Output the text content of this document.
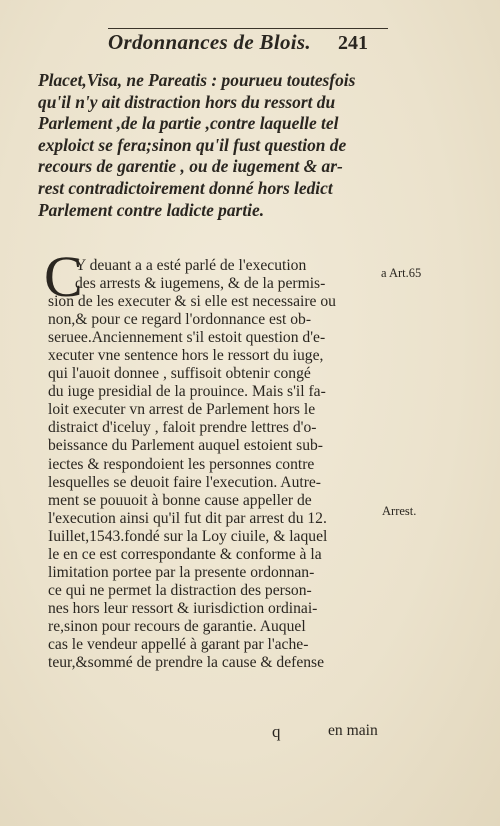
Ordonnances de Blois. 241
Placet,Visa, ne Pareatis : pourueu toutesfois
qu'il n'y ait distraction hors du ressort du
Parlement ,de la partie ,contre laquelle tel
exploict se fera;sinon qu'il fust question de
recours de garentie , ou de iugement & ar-
rest contradictoirement donné hors ledict
Parlement contre ladicte partie.
C
Y deuant a a esté parlé de l'execution
des arrests & iugemens, & de la permis-
sion de les executer & si elle est necessaire ou
non,& pour ce regard l'ordonnance est ob-
seruee.Anciennement s'il estoit question d'e-
xecuter vne sentence hors le ressort du iuge,
qui l'auoit donnee , suffisoit obtenir congé
du iuge presidial de la prouince. Mais s'il fa-
loit executer vn arrest de Parlement hors le
distraict d'iceluy , faloit prendre lettres d'o-
beissance du Parlement auquel estoient sub-
iectes & respondoient les personnes contre
lesquelles se deuoit faire l'execution. Autre-
ment se pouuoit à bonne cause appeller de
l'execution ainsi qu'il fut dit par arrest du 12.
Iuillet,1543.fondé sur la Loy ciuile, & laquel
le en ce est correspondante & conforme à la
limitation portee par la presente ordonnan-
ce qui ne permet la distraction des person-
nes hors leur ressort & iurisdiction ordinai-
re,sinon pour recours de garantie. Auquel
cas le vendeur appellé à garant par l'ache-
teur,&sommé de prendre la cause & defense
a Art.65
Arrest.
q	en main
